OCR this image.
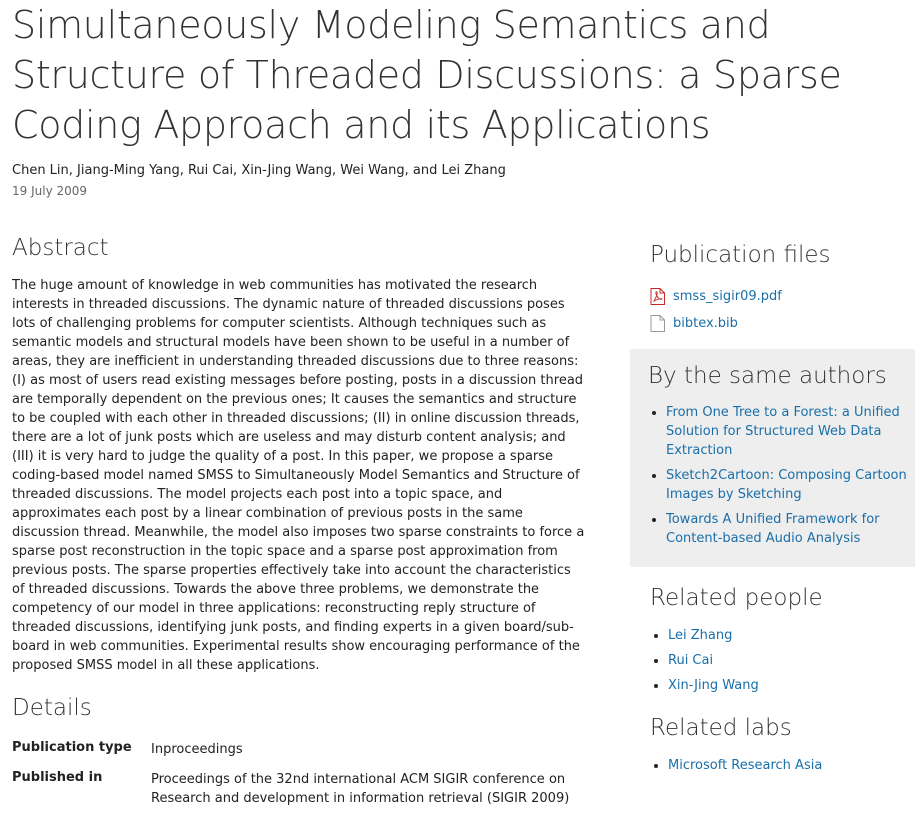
Simultaneously Modeling Semantics and Structure of Threaded Discussions: a Sparse Coding Approach and its Applications

Chen Lin, Jiang-Ming Yang, Rui Cai, Xin-Jing Wang, Wei Wang, and Lei Zhang

19 July 2009

Abstract

The huge amount of knowledge in web communities has motivated the research interests in threaded discussions. The dynamic nature of threaded discussions poses lots of challenging problems for computer scientists. Although techniques such as semantic models and structural models have been shown to be useful in a number of areas, they are inefficient in understanding threaded discussions due to three reasons: (I) as most of users read existing messages before posting, posts in a discussion thread are temporally dependent on the previous ones; It causes the semantics and structure to be coupled with each other in threaded discussions; (II) in online discussion threads, there are a lot of junk posts which are useless and may disturb content analysis; and (III) it is very hard to judge the quality of a post. In this paper, we propose a sparse coding-based model named SMSS to Simultaneously Model Semantics and Structure of threaded discussions. The model projects each post into a topic space, and approximates each post by a linear combination of previous posts in the same discussion thread. Meanwhile, the model also imposes two sparse constraints to force a sparse post reconstruction in the topic space and a sparse post approximation from previous posts. The sparse properties effectively take into account the characteristics of threaded discussions. Towards the above three problems, we demonstrate the competency of our model in three applications: reconstructing reply structure of threaded discussions, identifying junk posts, and finding experts in a given board/sub-board in web communities. Experimental results show encouraging performance of the proposed SMSS model in all these applications.

Details
Publication type	Inproceedings
Published in	Proceedings of the 32nd international ACM SIGIR conference on Research and development in information retrieval (SIGIR 2009)
Publication files
smss_sigir09.pdf
bibtex.bib
By the same authors
• From One Tree to a Forest: a Unified Solution for Structured Web Data Extraction
• Sketch2Cartoon: Composing Cartoon Images by Sketching
• Towards A Unified Framework for Content-based Audio Analysis
Related people
• Lei Zhang
• Rui Cai
• Xin-Jing Wang
Related labs
• Microsoft Research Asia
